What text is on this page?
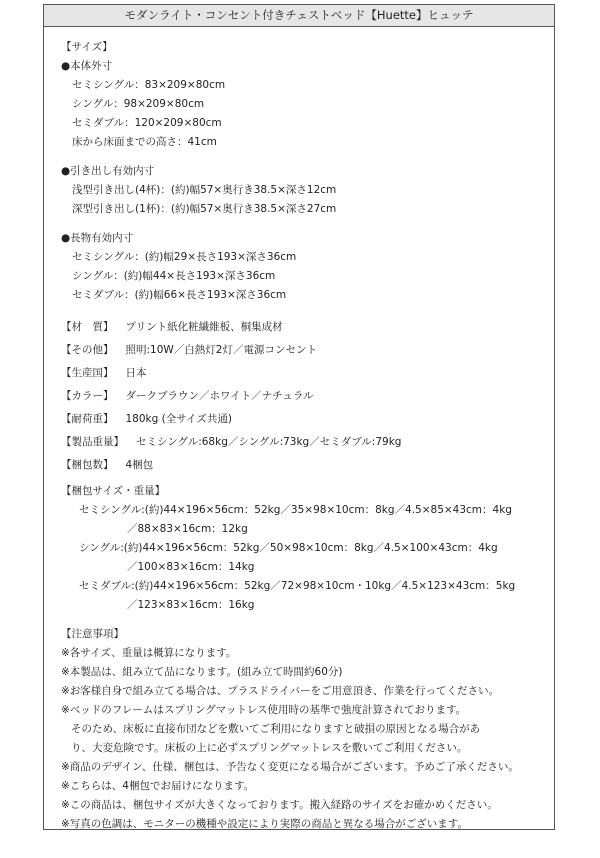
モダンライト・コンセント付きチェストベッド【Huette】ヒュッテ
【サイズ】
●本体外寸
セミシングル：83×209×80cm
シングル：98×209×80cm
セミダブル：120×209×80cm
床から床面までの高さ：41cm
●引き出し有効内寸
浅型引き出し(4杯)：(約)幅57×奥行き38.5×深さ12cm
深型引き出し(1杯)：(約)幅57×奥行き38.5×深さ27cm
●長物有効内寸
セミシングル：(約)幅29×長さ193×深さ36cm
シングル：(約)幅44×長さ193×深さ36cm
セミダブル：(約)幅66×長さ193×深さ36cm
【材　質】 プリント紙化粧繊維板、桐集成材
【その他】 照明:10W／白熱灯2灯／電源コンセント
【生産国】 日本
【カラー】 ダークブラウン／ホワイト／ナチュラル
【耐荷重】 180kg (全サイズ共通)
【製品重量】 セミシングル:68kg／シングル:73kg／セミダブル:79kg
【梱包数】 4梱包
【梱包サイズ・重量】
セミシングル: (約)44×196×56cm：52kg／35×98×10cm：8kg／4.5×85×43cm：4kg
／88×83×16cm：12kg
シングル: (約)44×196×56cm：52kg／50×98×10cm：8kg／4.5×100×43cm：4kg
／100×83×16cm：14kg
セミダブル: (約)44×196×56cm：52kg／72×98×10cm・10kg／4.5×123×43cm：5kg
／123×83×16cm：16kg
【注意事項】
※各サイズ、重量は概算になります。
※本製品は、組み立て品になります。(組み立て時間約60分)
※お客様自身で組み立てる場合は、プラスドライバーをご用意頂き、作業を行ってください。
※ベッドのフレームはスプリングマットレス使用時の基準で強度計算されております。
そのため、床板に直接布団などを敷いてご利用になりますと破損の原因となる場合があ
り、大変危険です。床板の上に必ずスプリングマットレスを敷いてご利用ください。
※商品のデザイン、仕様、梱包は、予告なく変更になる場合がございます。予めご了承ください。
※こちらは、4梱包でお届けになります。
※この商品は、梱包サイズが大きくなっております。搬入経路のサイズをお確かめください。
※写真の色調は、モニターの機種や設定により実際の商品と異なる場合がございます。
